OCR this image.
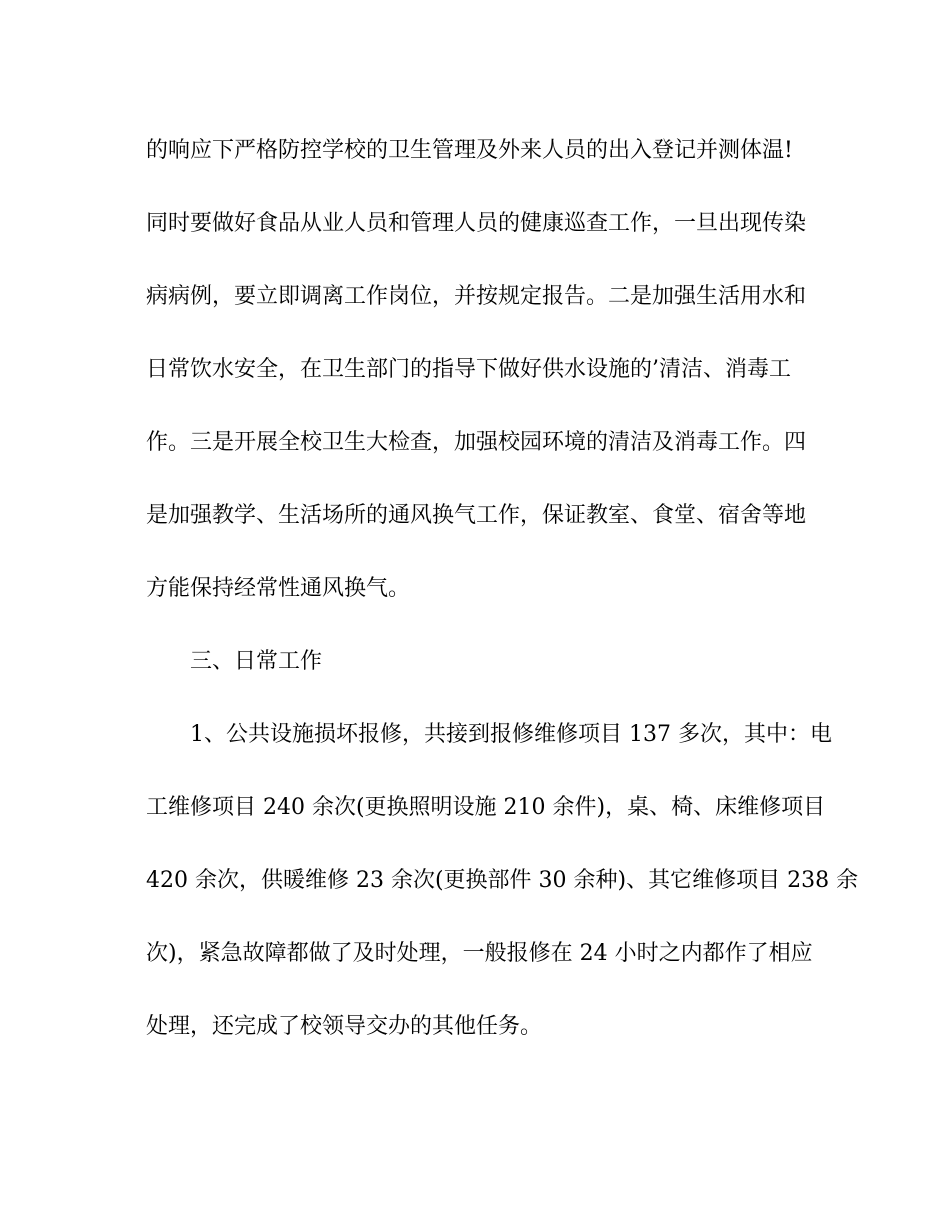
的响应下严格防控学校的卫生管理及外来人员的出入登记并测体温!
同时要做好食品从业人员和管理人员的健康巡查工作，一旦出现传染
病病例，要立即调离工作岗位，并按规定报告。二是加强生活用水和
日常饮水安全，在卫生部门的指导下做好供水设施的’清洁、消毒工
作。三是开展全校卫生大检查，加强校园环境的清洁及消毒工作。四
是加强教学、生活场所的通风换气工作，保证教室、食堂、宿舍等地
方能保持经常性通风换气。
三、日常工作
1、公共设施损坏报修，共接到报修维修项目 137 多次，其中：电
工维修项目 240 余次(更换照明设施 210 余件)，桌、椅、床维修项目
420 余次，供暖维修 23 余次(更换部件 30 余种)、其它维修项目 238 余
次)，紧急故障都做了及时处理，一般报修在 24 小时之内都作了相应
处理，还完成了校领导交办的其他任务。
